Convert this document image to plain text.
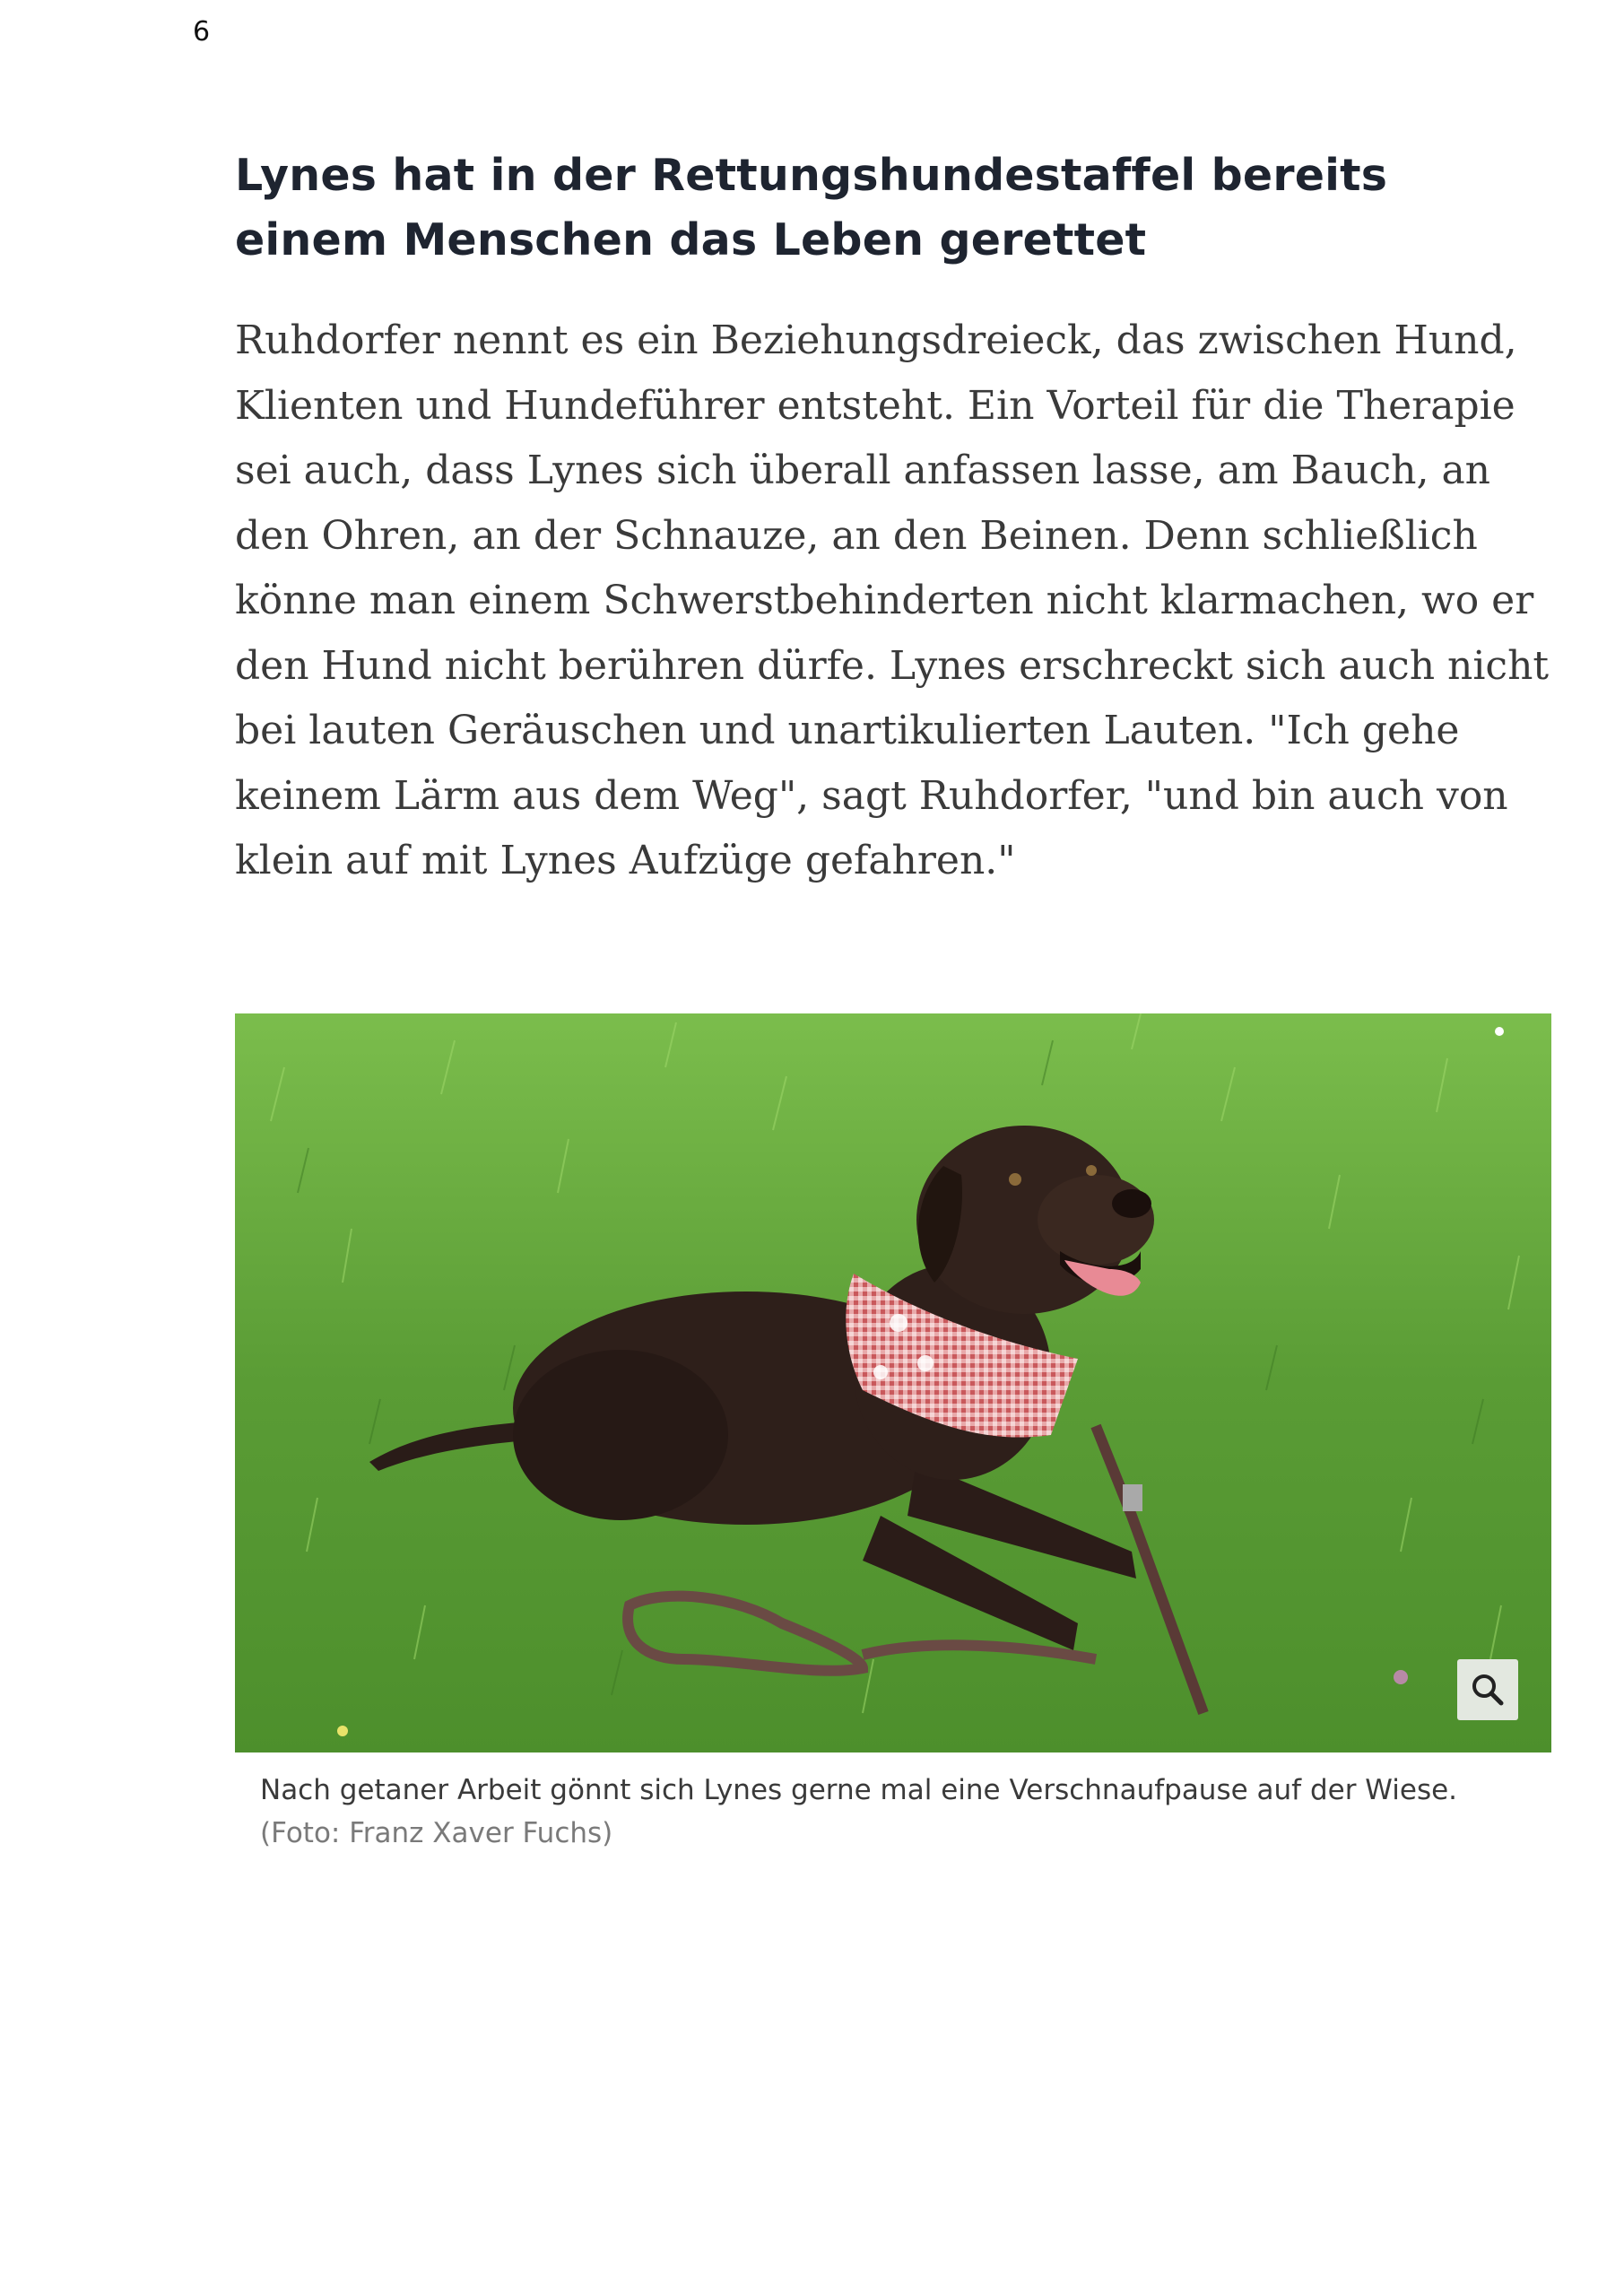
6
Lynes hat in der Rettungshundestaffel bereits einem Menschen das Leben gerettet

Ruhdorfer nennt es ein Beziehungsdreieck, das zwischen Hund, Klienten und Hundeführer entsteht. Ein Vorteil für die Therapie sei auch, dass Lynes sich überall anfassen lasse, am Bauch, an den Ohren, an der Schnauze, an den Beinen. Denn schließlich könne man einem Schwerstbehinderten nicht klarmachen, wo er den Hund nicht berühren dürfe. Lynes erschreckt sich auch nicht bei lauten Geräuschen und unartikulierten Lauten. "Ich gehe keinem Lärm aus dem Weg", sagt Ruhdorfer, "und bin auch von klein auf mit Lynes Aufzüge gefahren."

Nach getaner Arbeit gönnt sich Lynes gerne mal eine Verschnaufpause auf der Wiese. (Foto: Franz Xaver Fuchs)
